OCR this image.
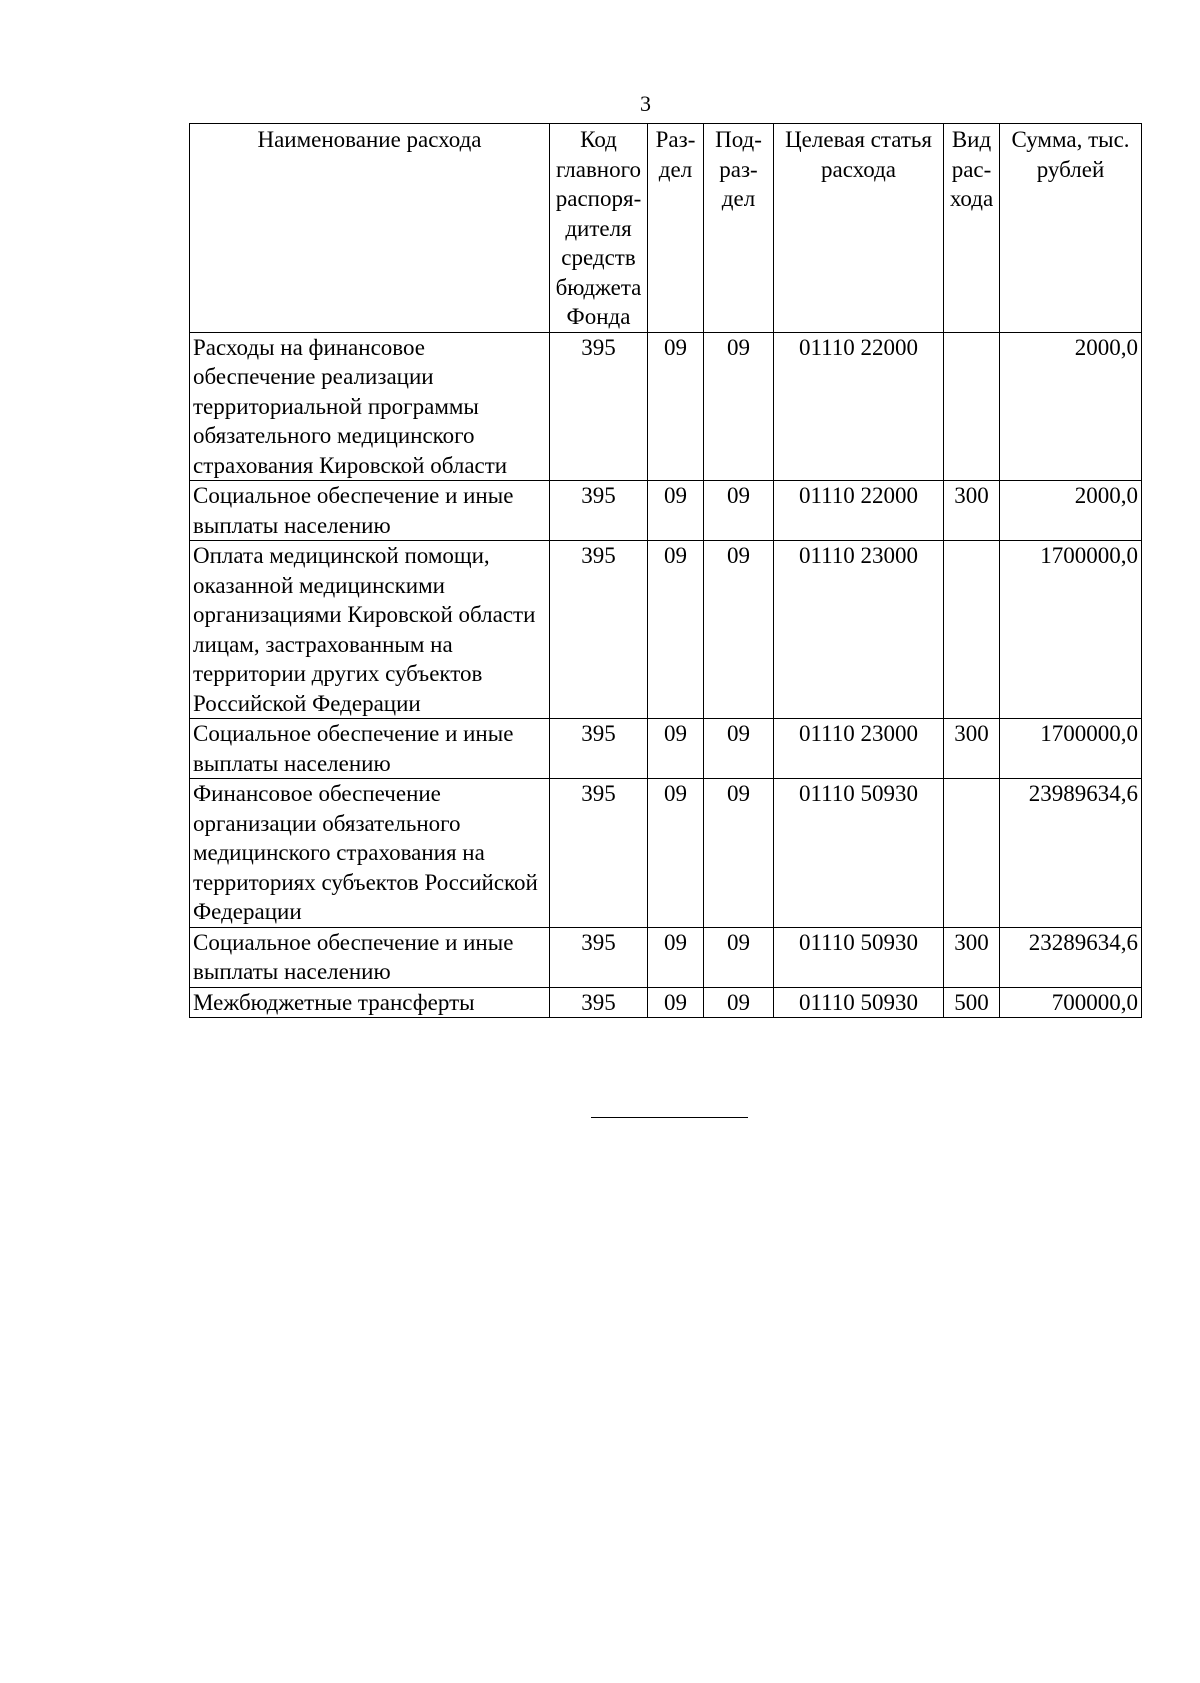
3
Наименование расхода	Код главного распоря-дителя средств бюджета Фонда	Раз-дел	Под-раз-дел	Целевая статья расхода	Вид рас-хода	Сумма, тыс. рублей
Расходы на финансовое обеспечение реализации территориальной программы обязательного медицинского страхования Кировской области	395	09	09	01110 22000		2000,0
Социальное обеспечение и иные выплаты населению	395	09	09	01110 22000	300	2000,0
Оплата медицинской помощи, оказанной медицинскими организациями Кировской области лицам, застрахованным на территории других субъектов Российской Федерации	395	09	09	01110 23000		1700000,0
Социальное обеспечение и иные выплаты населению	395	09	09	01110 23000	300	1700000,0
Финансовое обеспечение организации обязательного медицинского страхования на территориях субъектов Российской Федерации	395	09	09	01110 50930		23989634,6
Социальное обеспечение и иные выплаты населению	395	09	09	01110 50930	300	23289634,6
Межбюджетные трансферты	395	09	09	01110 50930	500	700000,0
